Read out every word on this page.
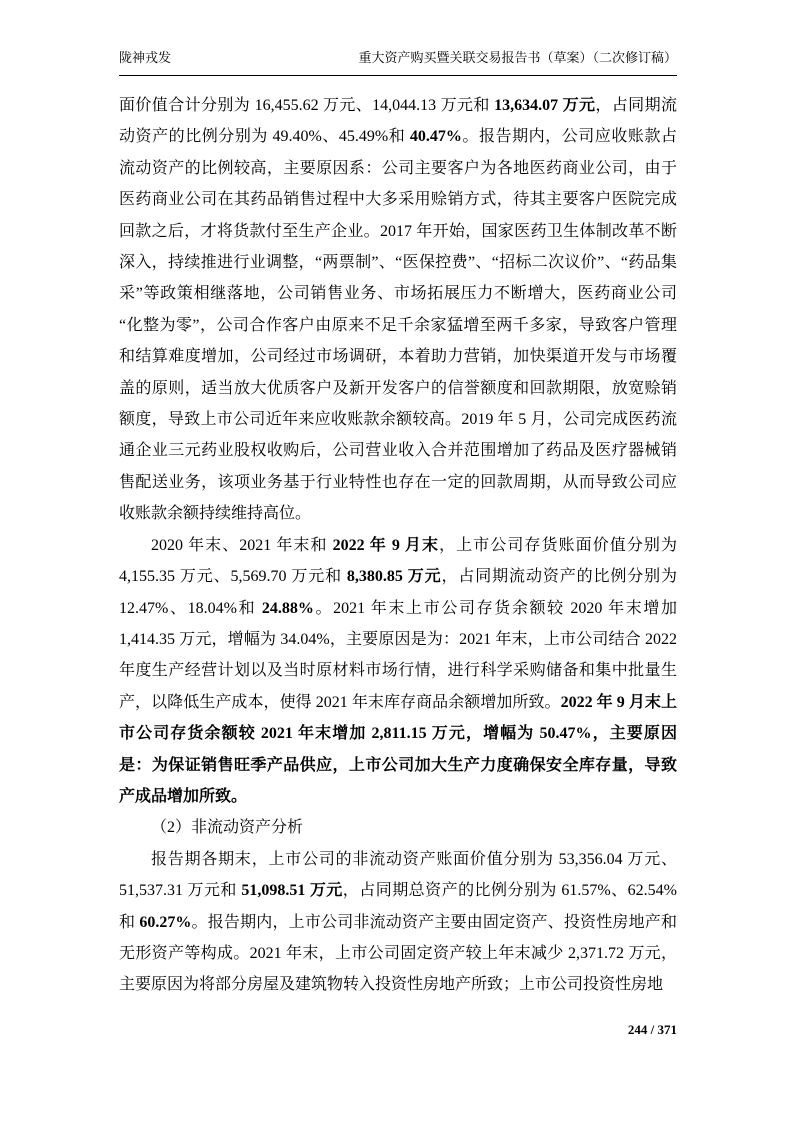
陇神戎发	重大资产购买暨关联交易报告书（草案）（二次修订稿）

面价值合计分别为 16,455.62 万元、14,044.13 万元和 13,634.07 万元，占同期流动资产的比例分别为 49.40%、45.49%和 40.47%。报告期内，公司应收账款占流动资产的比例较高，主要原因系：公司主要客户为各地医药商业公司，由于医药商业公司在其药品销售过程中大多采用赊销方式，待其主要客户医院完成回款之后，才将货款付至生产企业。2017 年开始，国家医药卫生体制改革不断深入，持续推进行业调整，“两票制”、“医保控费”、“招标二次议价”、“药品集采”等政策相继落地，公司销售业务、市场拓展压力不断增大，医药商业公司“化整为零”，公司合作客户由原来不足千余家猛增至两千多家，导致客户管理和结算难度增加，公司经过市场调研，本着助力营销，加快渠道开发与市场覆盖的原则，适当放大优质客户及新开发客户的信誉额度和回款期限，放宽赊销额度，导致上市公司近年来应收账款余额较高。2019 年 5 月，公司完成医药流通企业三元药业股权收购后，公司营业收入合并范围增加了药品及医疗器械销售配送业务，该项业务基于行业特性也存在一定的回款周期，从而导致公司应收账款余额持续维持高位。

2020 年末、2021 年末和 2022 年 9 月末，上市公司存货账面价值分别为 4,155.35 万元、5,569.70 万元和 8,380.85 万元，占同期流动资产的比例分别为 12.47%、18.04%和 24.88%。2021 年末上市公司存货余额较 2020 年末增加 1,414.35 万元，增幅为 34.04%，主要原因是为：2021 年末，上市公司结合 2022 年度生产经营计划以及当时原材料市场行情，进行科学采购储备和集中批量生产，以降低生产成本，使得 2021 年末库存商品余额增加所致。2022 年 9 月末上市公司存货余额较 2021 年末增加 2,811.15 万元，增幅为 50.47%，主要原因是：为保证销售旺季产品供应，上市公司加大生产力度确保安全库存量，导致产成品增加所致。

（2）非流动资产分析

报告期各期末，上市公司的非流动资产账面价值分别为 53,356.04 万元、51,537.31 万元和 51,098.51 万元，占同期总资产的比例分别为 61.57%、62.54%和 60.27%。报告期内，上市公司非流动资产主要由固定资产、投资性房地产和无形资产等构成。2021 年末，上市公司固定资产较上年末减少 2,371.72 万元，主要原因为将部分房屋及建筑物转入投资性房地产所致；上市公司投资性房地

244 / 371
